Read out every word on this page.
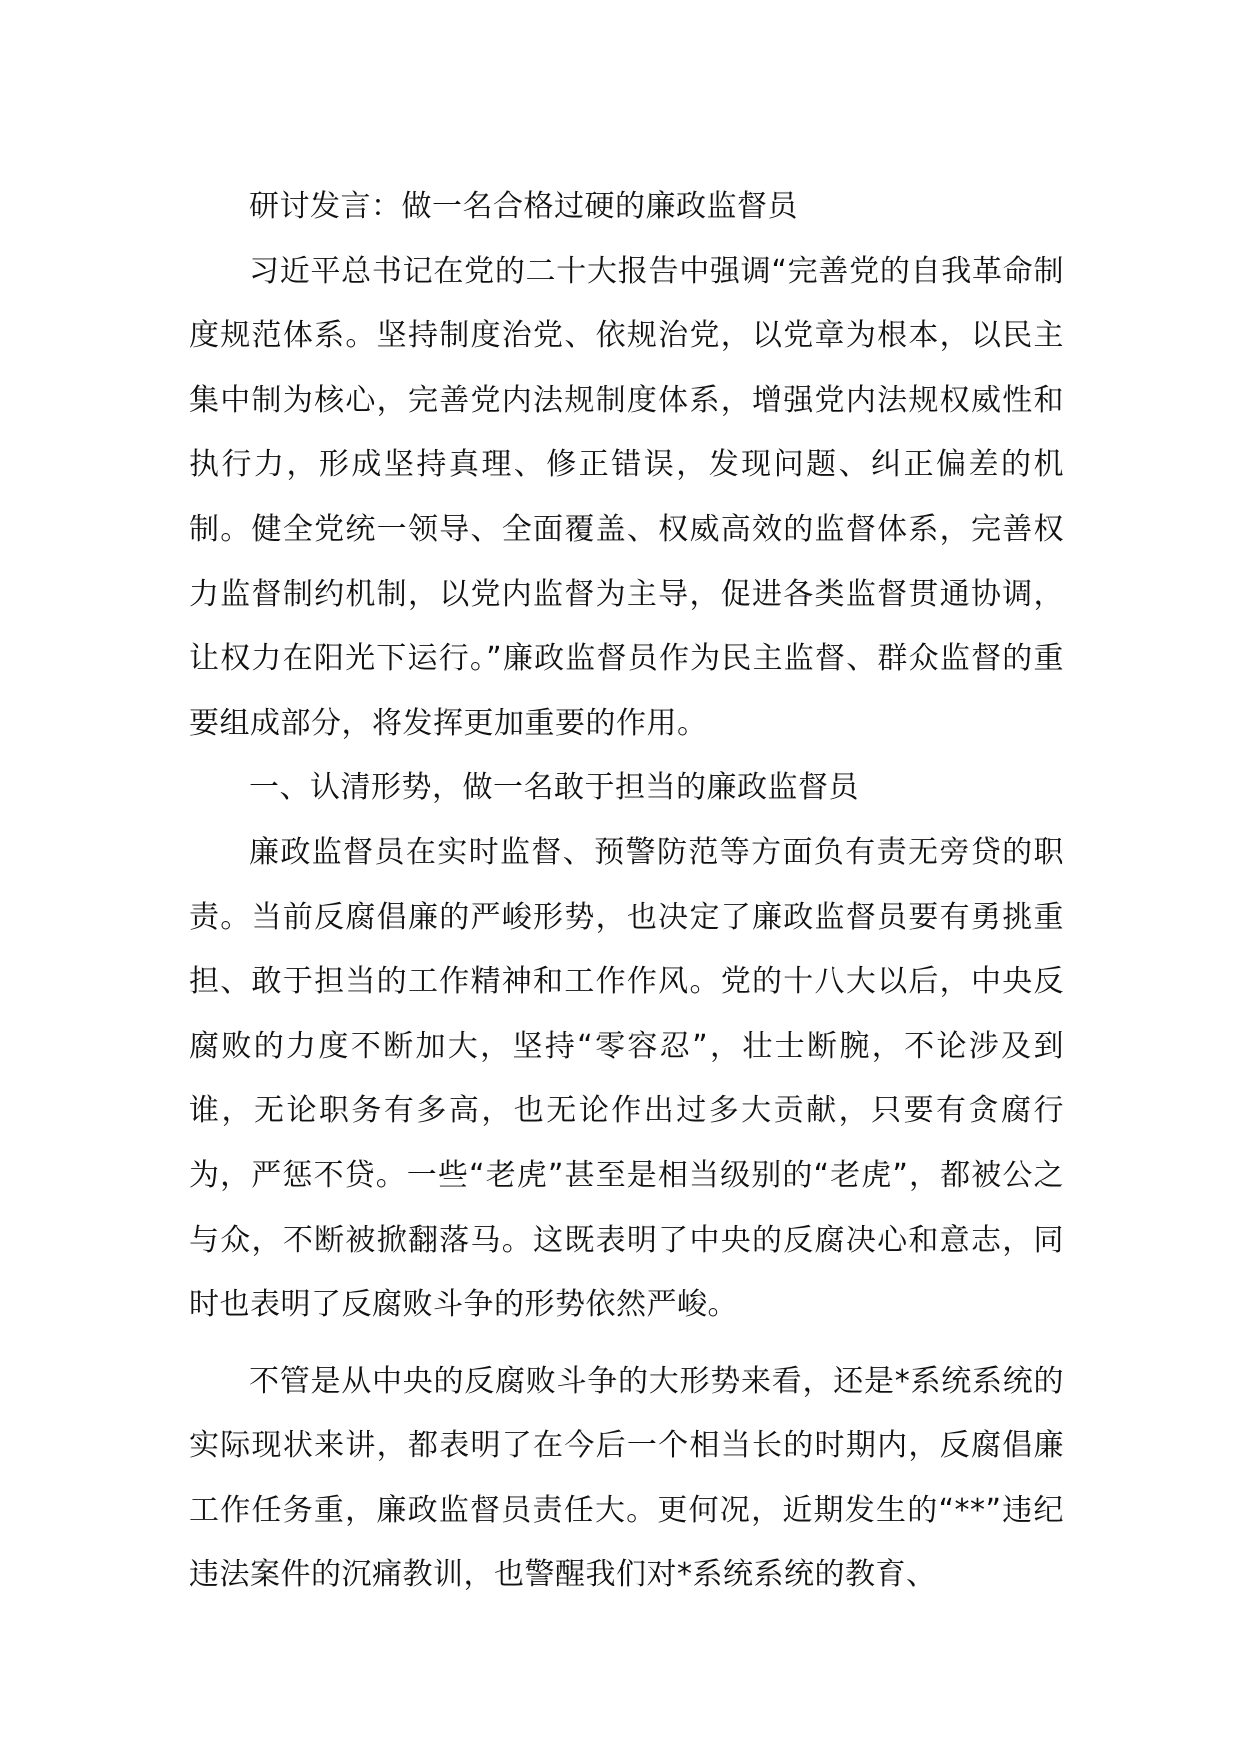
研讨发言：做一名合格过硬的廉政监督员

习近平总书记在党的二十大报告中强调“完善党的自我革命制度规范体系。坚持制度治党、依规治党，以党章为根本，以民主集中制为核心，完善党内法规制度体系，增强党内法规权威性和执行力，形成坚持真理、修正错误，发现问题、纠正偏差的机制。健全党统一领导、全面覆盖、权威高效的监督体系，完善权力监督制约机制，以党内监督为主导，促进各类监督贯通协调，让权力在阳光下运行。”廉政监督员作为民主监督、群众监督的重要组成部分，将发挥更加重要的作用。

一、认清形势，做一名敢于担当的廉政监督员

廉政监督员在实时监督、预警防范等方面负有责无旁贷的职责。当前反腐倡廉的严峻形势，也决定了廉政监督员要有勇挑重担、敢于担当的工作精神和工作作风。党的十八大以后，中央反腐败的力度不断加大，坚持“零容忍”，壮士断腕，不论涉及到谁，无论职务有多高，也无论作出过多大贡献，只要有贪腐行为，严惩不贷。一些“老虎”甚至是相当级别的“老虎”，都被公之与众，不断被掀翻落马。这既表明了中央的反腐决心和意志，同时也表明了反腐败斗争的形势依然严峻。

不管是从中央的反腐败斗争的大形势来看，还是*系统系统的实际现状来讲，都表明了在今后一个相当长的时期内，反腐倡廉工作任务重，廉政监督员责任大。更何况，近期发生的“**”违纪违法案件的沉痛教训，也警醒我们对*系统系统的教育、
